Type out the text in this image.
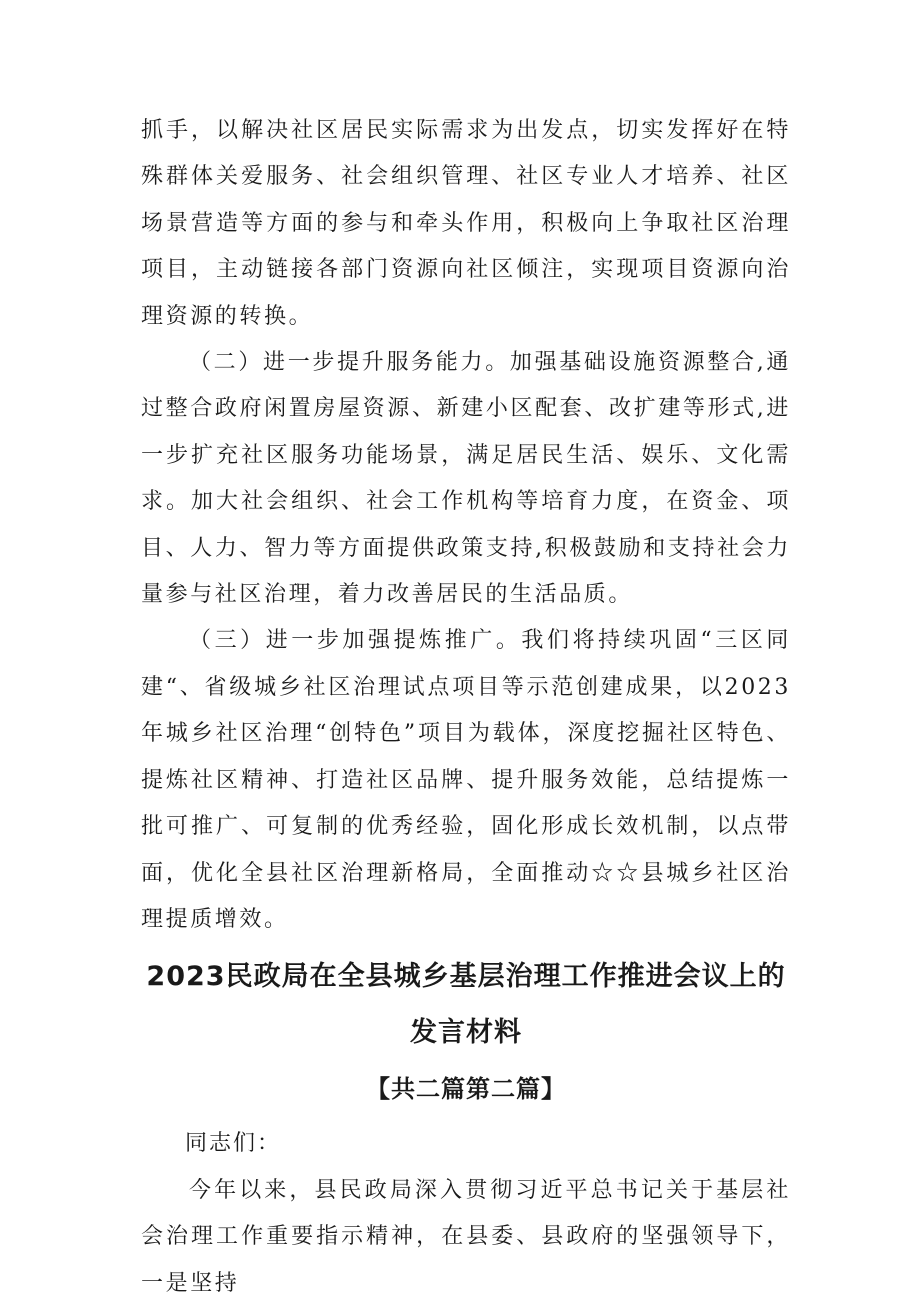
抓手，以解决社区居民实际需求为出发点，切实发挥好在特殊群体关爱服务、社会组织管理、社区专业人才培养、社区场景营造等方面的参与和牵头作用，积极向上争取社区治理项目，主动链接各部门资源向社区倾注，实现项目资源向治理资源的转换。

（二）进一步提升服务能力。加强基础设施资源整合,通过整合政府闲置房屋资源、新建小区配套、改扩建等形式,进一步扩充社区服务功能场景，满足居民生活、娱乐、文化需求。加大社会组织、社会工作机构等培育力度，在资金、项目、人力、智力等方面提供政策支持,积极鼓励和支持社会力量参与社区治理，着力改善居民的生活品质。

（三）进一步加强提炼推广。我们将持续巩固“三区同建“、省级城乡社区治理试点项目等示范创建成果，以2023年城乡社区治理“创特色”项目为载体，深度挖掘社区特色、提炼社区精神、打造社区品牌、提升服务效能，总结提炼一批可推广、可复制的优秀经验，固化形成长效机制，以点带面，优化全县社区治理新格局，全面推动☆☆县城乡社区治理提质增效。

2023民政局在全县城乡基层治理工作推进会议上的
发言材料
【共二篇第二篇】

同志们：

今年以来，县民政局深入贯彻习近平总书记关于基层社会治理工作重要指示精神，在县委、县政府的坚强领导下，一是坚持
